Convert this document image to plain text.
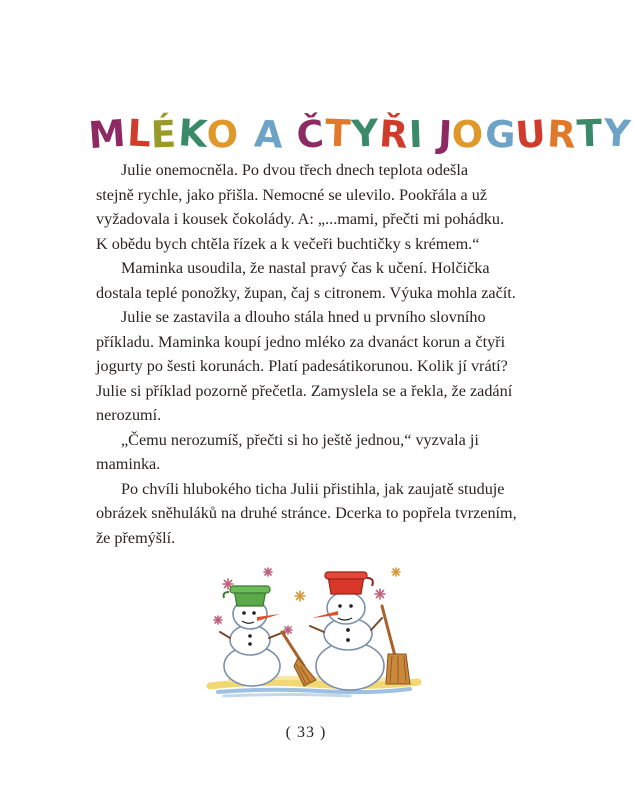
MLÉKO A ČTYŘI JOGURTY

Julie onemocněla. Po dvou třech dnech teplota odešla
stejně rychle, jako přišla. Nemocné se ulevilo. Pookřála a už
vyžadovala i kousek čokolády. A: „...mami, přečti mi pohádku.
K obědu bych chtěla řízek a k večeři buchtičky s krémem.“

Maminka usoudila, že nastal pravý čas k učení. Holčička
dostala teplé ponožky, župan, čaj s citronem. Výuka mohla začít.

Julie se zastavila a dlouho stála hned u prvního slovního
příkladu. Maminka koupí jedno mléko za dvanáct korun a čtyři
jogurty po šesti korunách. Platí padesátikorunou. Kolik jí vrátí?
Julie si příklad pozorně přečetla. Zamyslela se a řekla, že zadání
nerozumí.

„Čemu nerozumíš, přečti si ho ještě jednou,“ vyzvala ji
maminka.

Po chvíli hlubokého ticha Julii přistihla, jak zaujatě studuje
obrázek sněhuláků na druhé stránce. Dcerka to popřela tvrzením,
že přemýšlí.

( 33 )
